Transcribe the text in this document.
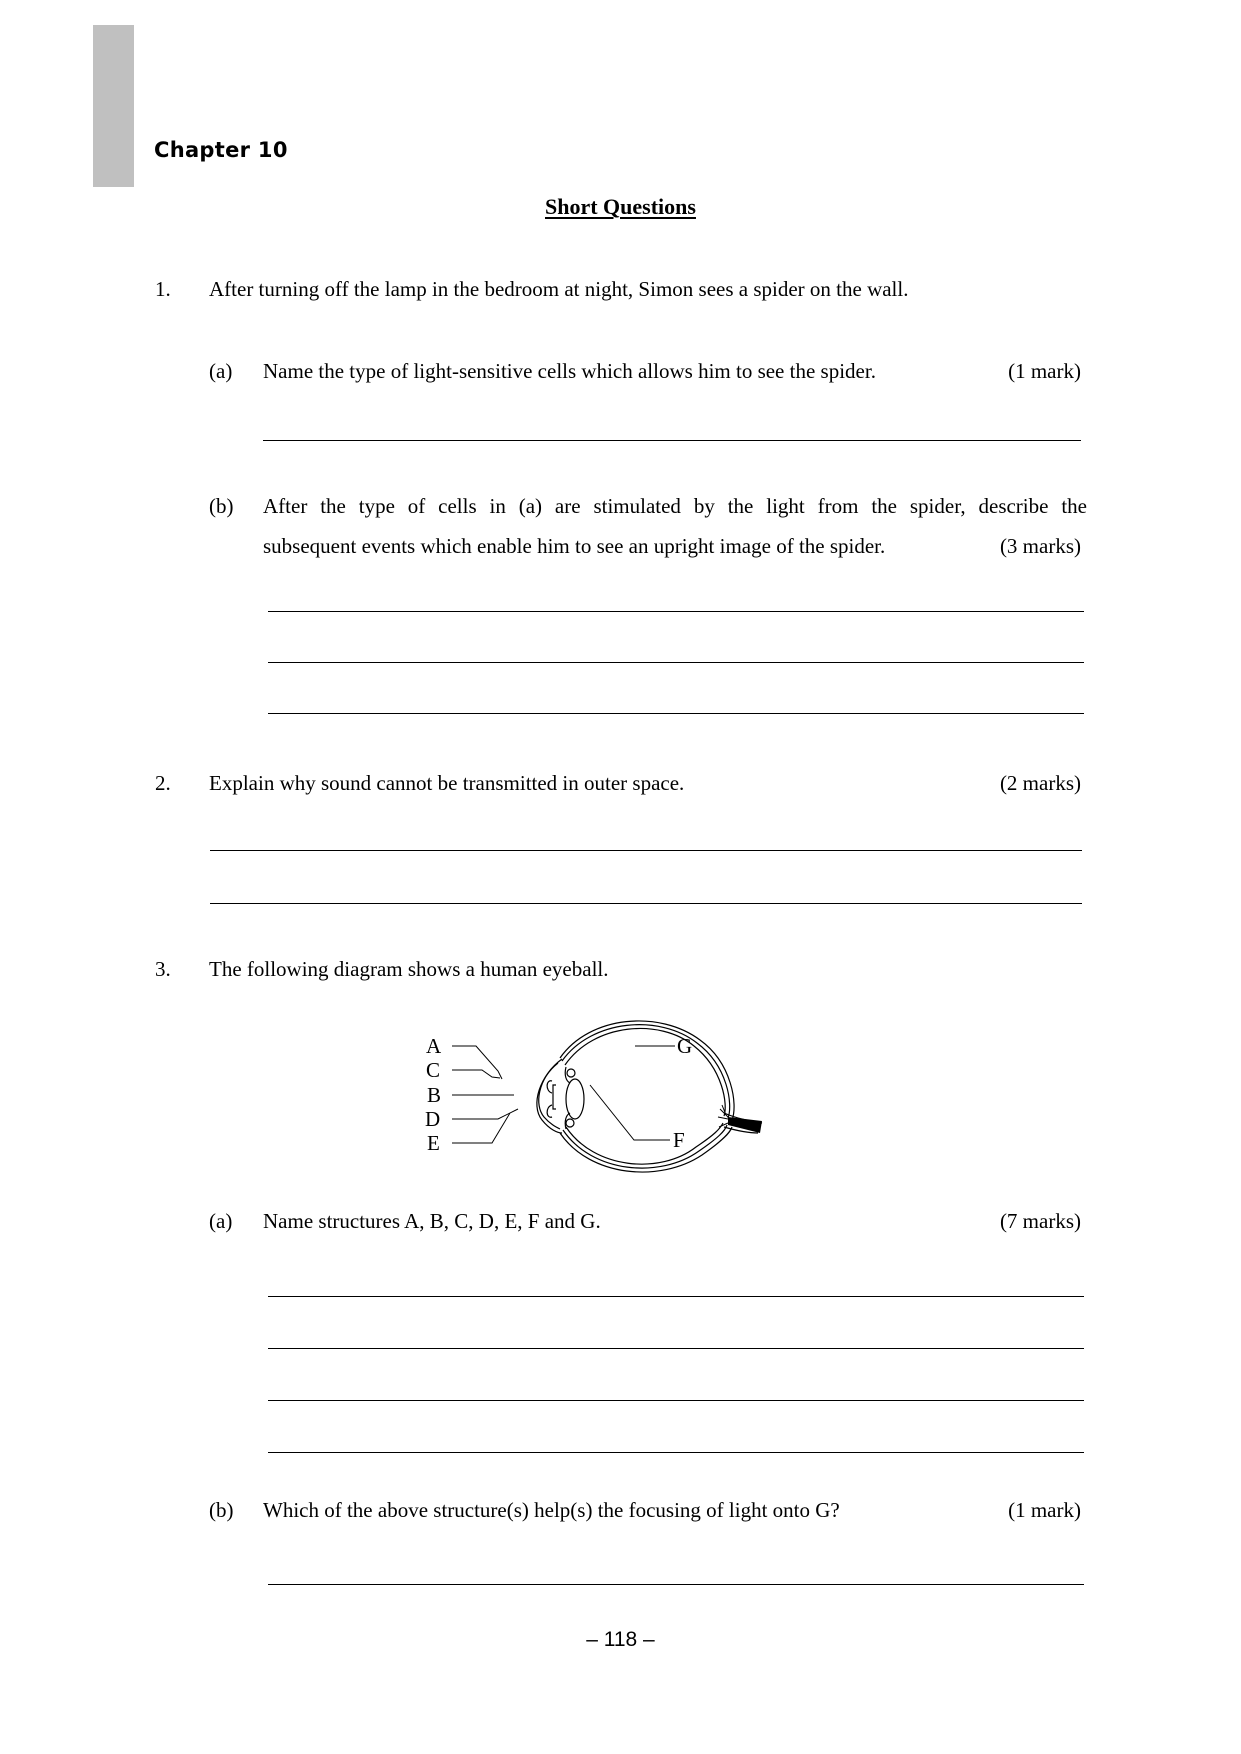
Chapter 10
Short Questions
1. After turning off the lamp in the bedroom at night, Simon sees a spider on the wall.
(a) Name the type of light-sensitive cells which allows him to see the spider.	(1 mark)
(b) After the type of cells in (a) are stimulated by the light from the spider, describe the
subsequent events which enable him to see an upright image of the spider.	(3 marks)
2. Explain why sound cannot be transmitted in outer space.	(2 marks)
3. The following diagram shows a human eyeball.
A
C
B
D
E
G
F
(a) Name structures A, B, C, D, E, F and G.	(7 marks)
(b) Which of the above structure(s) help(s) the focusing of light onto G?	(1 mark)
– 118 –
